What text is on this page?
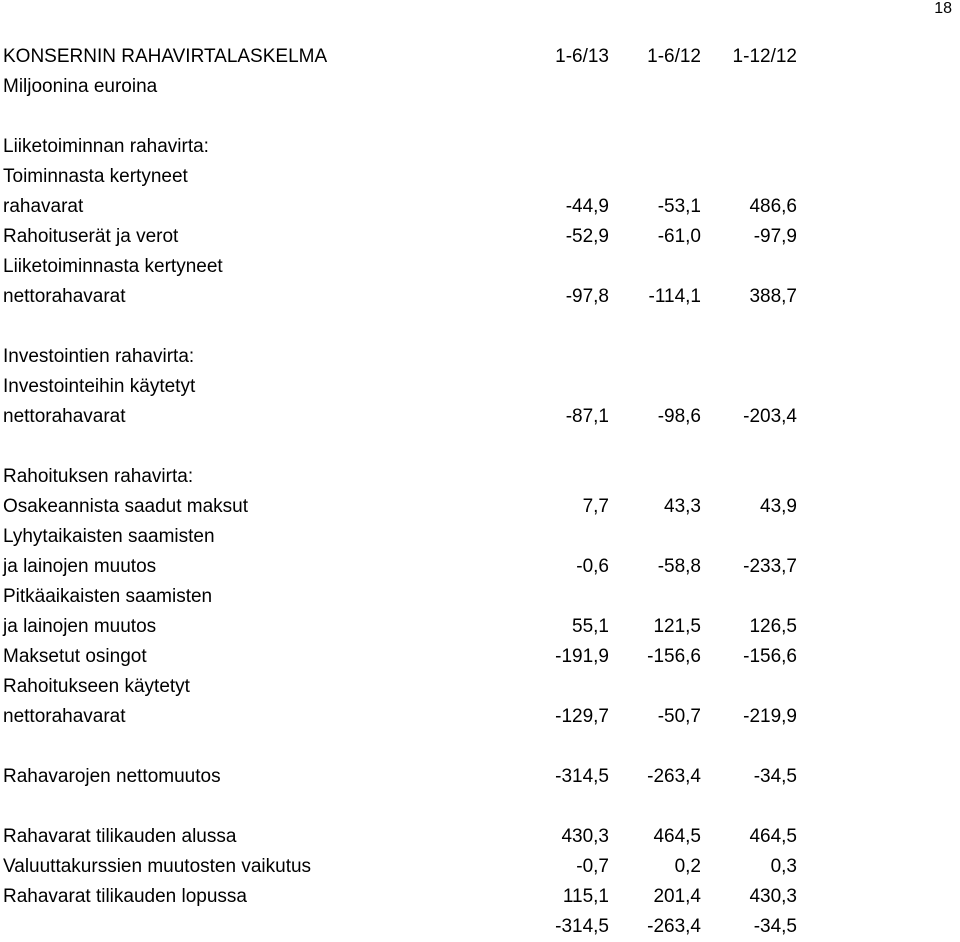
18
KONSERNIN RAHAVIRTALASKELMA	1-6/13	1-6/12	1-12/12
Miljoonina euroina
Liiketoiminnan rahavirta:
Toiminnasta kertyneet
rahavarat	-44,9	-53,1	486,6
Rahoituserät ja verot	-52,9	-61,0	-97,9
Liiketoiminnasta kertyneet
nettorahavarat	-97,8	-114,1	388,7
Investointien rahavirta:
Investointeihin käytetyt
nettorahavarat	-87,1	-98,6	-203,4
Rahoituksen rahavirta:
Osakeannista saadut maksut	7,7	43,3	43,9
Lyhytaikaisten saamisten
ja lainojen muutos	-0,6	-58,8	-233,7
Pitkäaikaisten saamisten
ja lainojen muutos	55,1	121,5	126,5
Maksetut osingot	-191,9	-156,6	-156,6
Rahoitukseen käytetyt
nettorahavarat	-129,7	-50,7	-219,9
Rahavarojen nettomuutos	-314,5	-263,4	-34,5
Rahavarat tilikauden alussa	430,3	464,5	464,5
Valuuttakurssien muutosten vaikutus	-0,7	0,2	0,3
Rahavarat tilikauden lopussa	115,1	201,4	430,3
-314,5	-263,4	-34,5
